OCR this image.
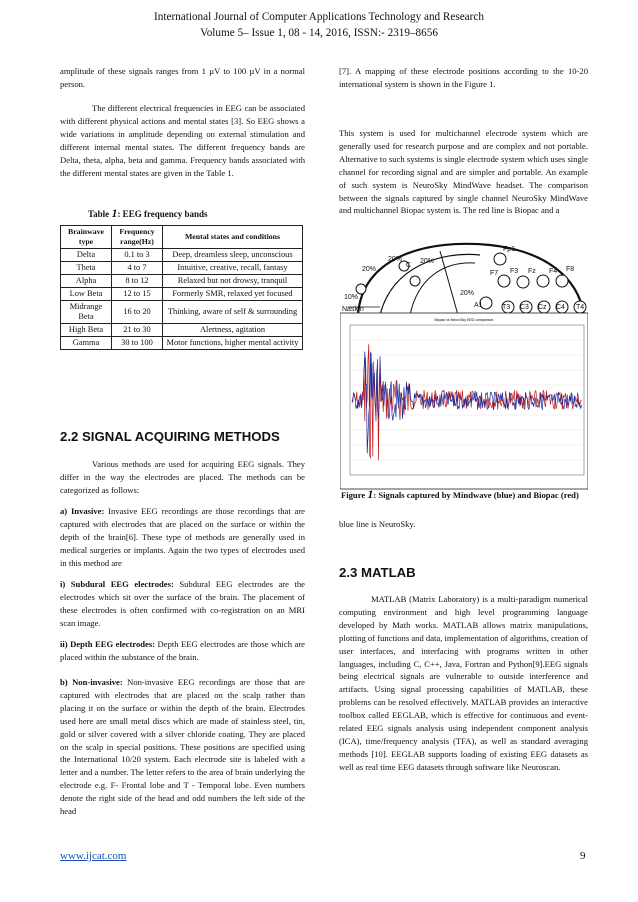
International Journal of Computer Applications Technology and Research
Volume 5– Issue 1, 08 - 14, 2016, ISSN:- 2319–8656

amplitude of these signals ranges from 1 µV to 100 µV in a normal person.

The different electrical frequencies in EEG can be associated with different physical actions and mental states [3]. So EEG shows a wide variations in amplitude depending on external stimulation and different internal mental states. The different frequency bands are Delta, theta, alpha, beta and gamma. Frequency bands associated with the different mental states are given in the Table 1.

Table 1: EEG frequency bands
Brainwave type	Frequency range(Hz)	Mental states and conditions
Delta	0.1 to 3	Deep, dreamless sleep, unconscious
Theta	4 to 7	Intuitive, creative, recall, fantasy
Alpha	8 to 12	Relaxed but not drowsy, tranquil
Low Beta	12 to 15	Formerly SMR, relaxed yet focused
Midrange Beta	16 to 20	Thinking, aware of self & surrounding
High Beta	21 to 30	Alertness, agitation
Gamma	30 to 100	Motor functions, higher mental activity
2.2 SIGNAL ACQUIRING METHODS

Various methods are used for acquiring EEG signals. They differ in the way the electrodes are placed. The methods can be categorized as follows:

a) Invasive: Invasive EEG recordings are those recordings that are captured with electrodes that are placed on the surface or within the depth of the brain[6]. These type of methods are generally used in medical surgeries or implants. Again the two types of electrodes used in this method are

i) Subdural EEG electrodes: Subdural EEG electrodes are the electrodes which sit over the surface of the brain. The placement of these electrodes is often confirmed with co-registration on an MRI scan image.

ii) Depth EEG electrodes: Depth EEG electrodes are those which are placed within the substance of the brain.

b) Non-invasive: Non-invasive EEG recordings are those that are captured with electrodes that are placed on the scalp rather than placing it on the surface or within the depth of the brain. Electrodes used here are small metal discs which are made of stainless steel, tin, gold or silver covered with a silver chloride coating. They are placed on the scalp in special positions. These positions are specified using the International 10/20 system. Each electrode site is labeled with a letter and a number. The letter refers to the area of brain underlying the electrode e.g. F- Frontal lobe and T - Temporal lobe. Even numbers denote the right side of the head and odd numbers the left side of the head

[7]. A mapping of these electrode positions according to the 10-20 international system is shown in the Figure 1.

This system is used for multichannel electrode system which are generally used for research purpose and are complex and not portable. Alternative to such systems is single electrode system which uses single channel for recording signal and are simpler and portable. An example of such system is NeuroSky MindWave headset. The comparison between the signals captured by single channel NeuroSky MindWave and multichannel Biopac system is. The red line is Biopac and a

20%
20%
20%
10%
Nasion
C
20%
Fp1
F7 F3 Fz F4 F8
A1	T3 C3 Cz C4 T4
Biopac vs NeuroSky EEG comparison
Figure 1: Signals captured by Mindwave (blue) and Biopac (red)

blue line is NeuroSky.

2.3 MATLAB

MATLAB (Matrix Laboratory) is a multi-paradigm numerical computing environment and high level programming language developed by Math works. MATLAB allows matrix manipulations, plotting of functions and data, implementation of algorithms, creation of user interfaces, and interfacing with programs written in other languages, including C, C++, Java, Fortran and Python[9].EEG signals being electrical signals are vulnerable to outside interference and artifacts. Using signal processing capabilities of MATLAB, these problems can be resolved effectively. MATLAB provides an interactive toolbox called EEGLAB, which is effective for continuous and event-related EEG signals analysis using independent component analysis (ICA), time/frequency analysis (TFA), as well as standard averaging methods [10]. EEGLAB supports loading of existing EEG datasets as well as real time EEG datasets through software like Neuroscan.

www.ijcat.com	9
